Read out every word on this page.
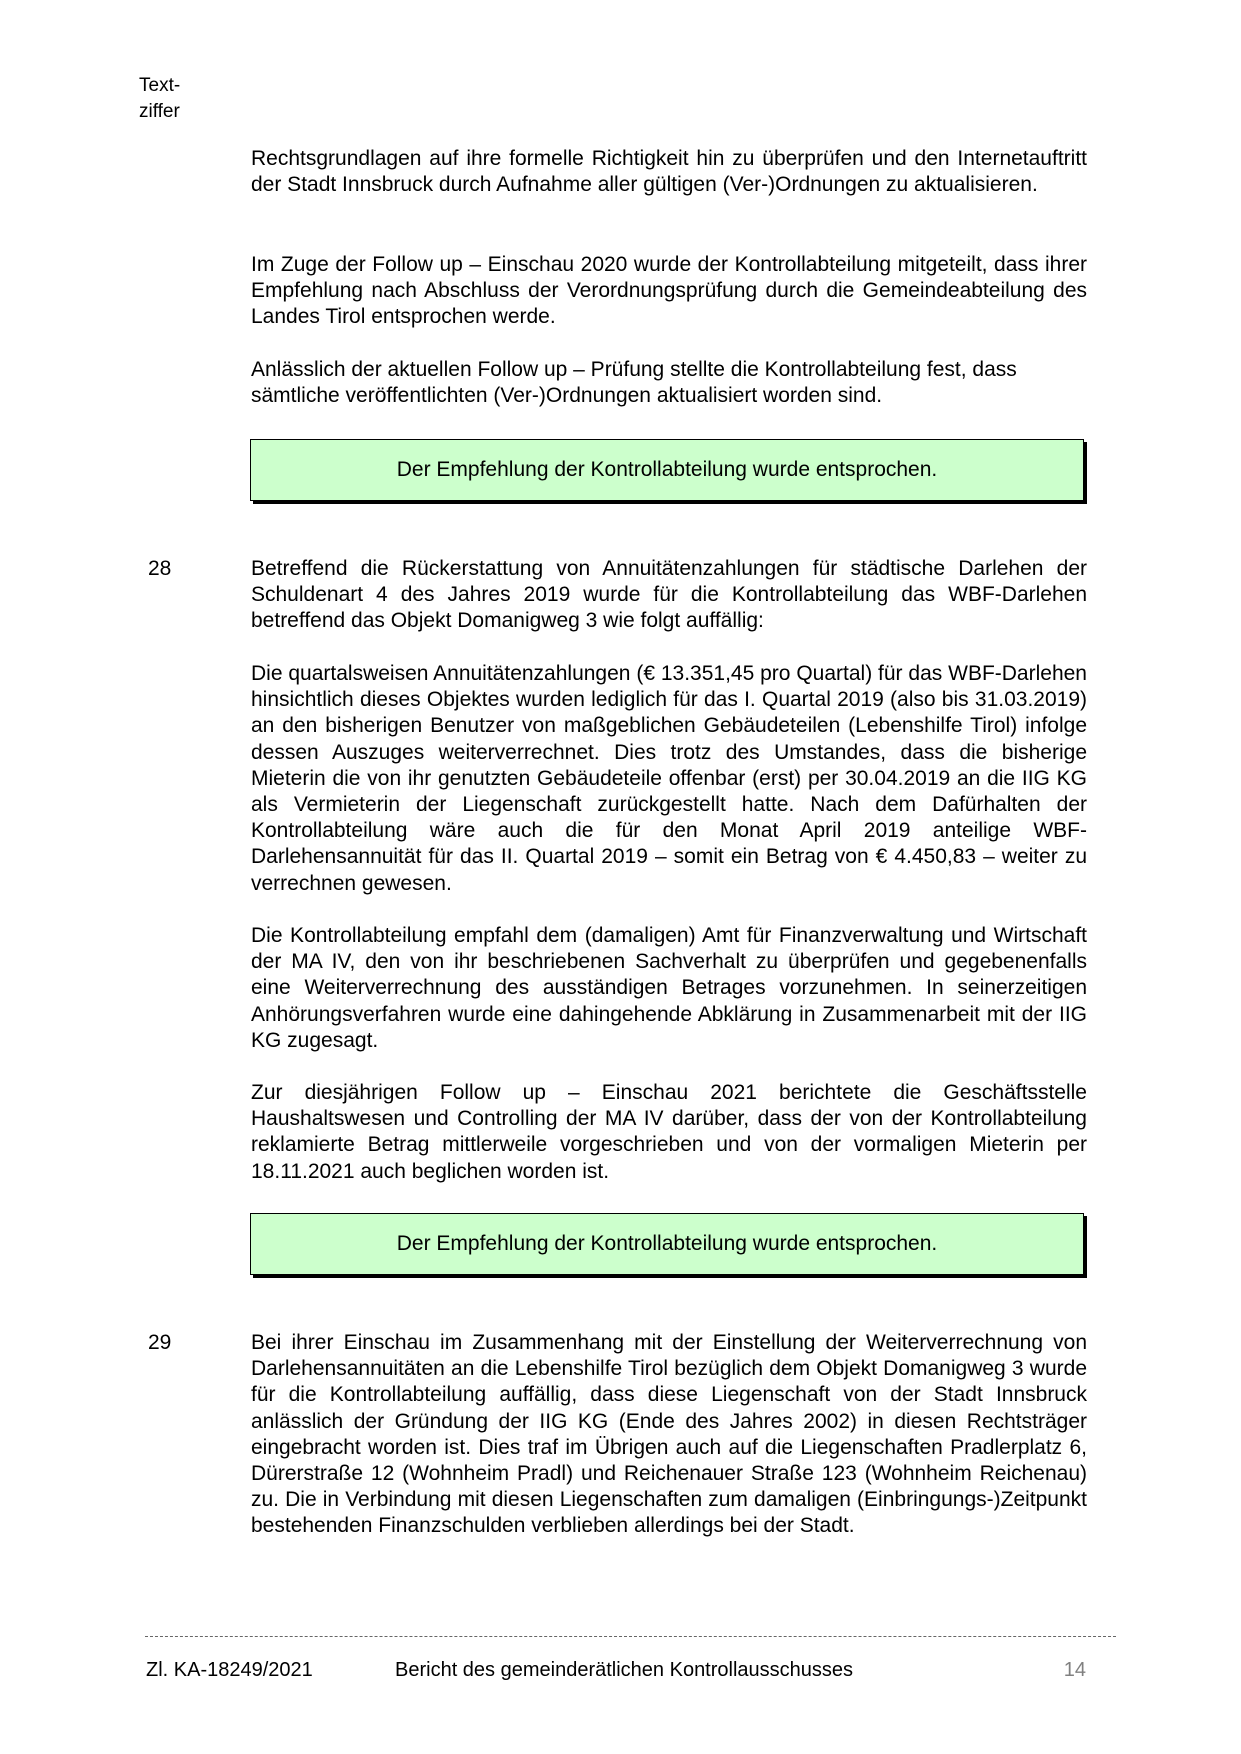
Text-
ziffer

Rechtsgrundlagen auf ihre formelle Richtigkeit hin zu überprüfen und den Internetauftritt der Stadt Innsbruck durch Aufnahme aller gültigen (Ver-)Ordnungen zu aktualisieren.

Im Zuge der Follow up – Einschau 2020 wurde der Kontrollabteilung mitgeteilt, dass ihrer Empfehlung nach Abschluss der Verordnungsprüfung durch die Gemeindeabteilung des Landes Tirol entsprochen werde.

Anlässlich der aktuellen Follow up – Prüfung stellte die Kontrollabteilung fest, dass sämtliche veröffentlichten (Ver-)Ordnungen aktualisiert worden sind.

Der Empfehlung der Kontrollabteilung wurde entsprochen.
28	Betreffend die Rückerstattung von Annuitätenzahlungen für städtische Darlehen der Schuldenart 4 des Jahres 2019 wurde für die Kontrollabteilung das WBF-Darlehen betreffend das Objekt Domanigweg 3 wie folgt auffällig:

Die quartalsweisen Annuitätenzahlungen (€ 13.351,45 pro Quartal) für das WBF-Darlehen hinsichtlich dieses Objektes wurden lediglich für das I. Quartal 2019 (also bis 31.03.2019) an den bisherigen Benutzer von maßgeblichen Gebäudeteilen (Lebenshilfe Tirol) infolge dessen Auszuges weiterverrechnet. Dies trotz des Umstandes, dass die bisherige Mieterin die von ihr genutzten Gebäudeteile offenbar (erst) per 30.04.2019 an die IIG KG als Vermieterin der Liegenschaft zurückgestellt hatte. Nach dem Dafürhalten der Kontrollabteilung wäre auch die für den Monat April 2019 anteilige WBF-Darlehensannuität für das II. Quartal 2019 – somit ein Betrag von € 4.450,83 – weiter zu verrechnen gewesen.

Die Kontrollabteilung empfahl dem (damaligen) Amt für Finanzverwaltung und Wirtschaft der MA IV, den von ihr beschriebenen Sachverhalt zu überprüfen und gegebenenfalls eine Weiterverrechnung des ausständigen Betrages vorzunehmen. In seinerzeitigen Anhörungsverfahren wurde eine dahingehende Abklärung in Zusammenarbeit mit der IIG KG zugesagt.

Zur diesjährigen Follow up – Einschau 2021 berichtete die Geschäftsstelle Haushaltswesen und Controlling der MA IV darüber, dass der von der Kontrollabteilung reklamierte Betrag mittlerweile vorgeschrieben und von der vormaligen Mieterin per 18.11.2021 auch beglichen worden ist.

Der Empfehlung der Kontrollabteilung wurde entsprochen.
29	Bei ihrer Einschau im Zusammenhang mit der Einstellung der Weiterverrechnung von Darlehensannuitäten an die Lebenshilfe Tirol bezüglich dem Objekt Domanigweg 3 wurde für die Kontrollabteilung auffällig, dass diese Liegenschaft von der Stadt Innsbruck anlässlich der Gründung der IIG KG (Ende des Jahres 2002) in diesen Rechtsträger eingebracht worden ist. Dies traf im Übrigen auch auf die Liegenschaften Pradlerplatz 6, Dürerstraße 12 (Wohnheim Pradl) und Reichenauer Straße 123 (Wohnheim Reichenau) zu. Die in Verbindung mit diesen Liegenschaften zum damaligen (Einbringungs-)Zeitpunkt bestehenden Finanzschulden verblieben allerdings bei der Stadt.

Zl. KA-18249/2021	Bericht des gemeinderätlichen Kontrollausschusses	14
